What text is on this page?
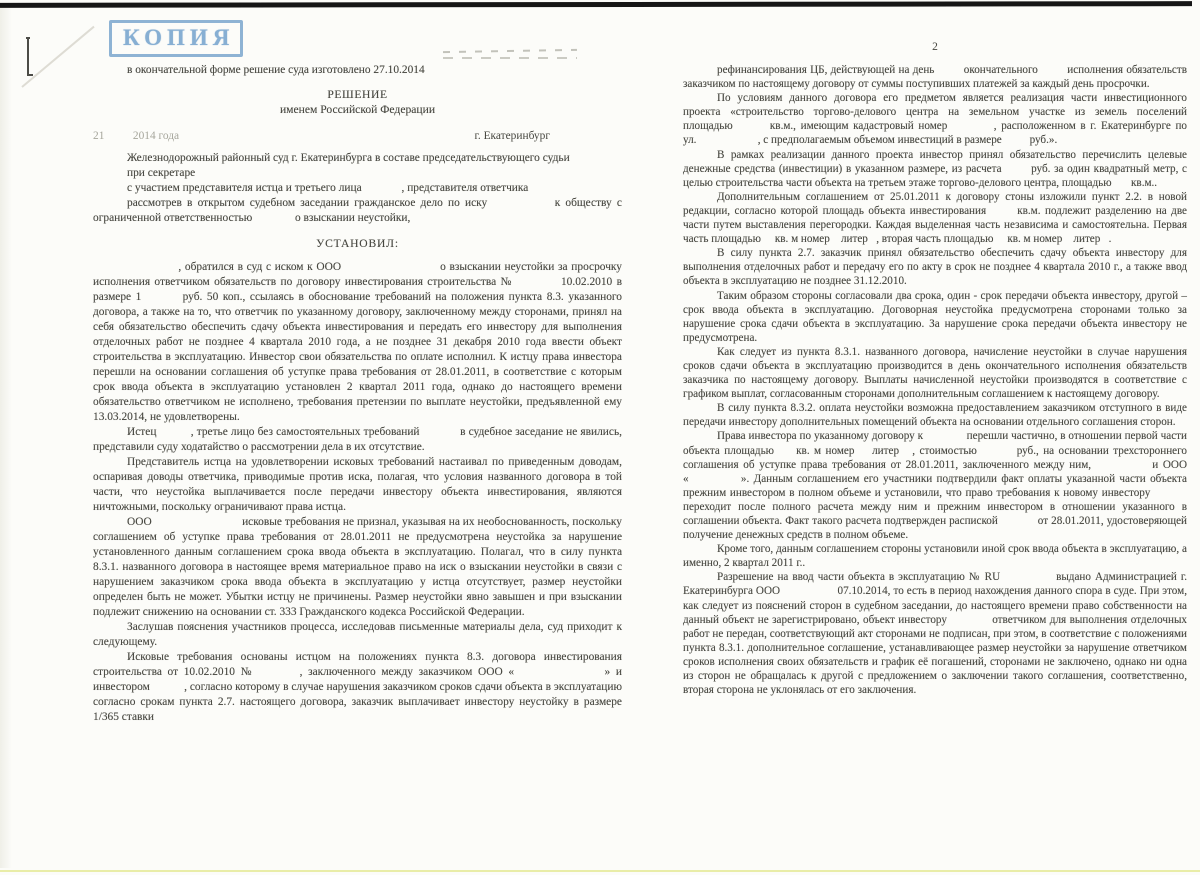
КОПИЯ

в окончательной форме решение суда изготовлено 27.10.2014

РЕШЕНИЕ
именем Российской Федерации
21          2014 года	г. Екатеринбург

Железнодорожный районный суд г. Екатеринбурга в составе председательствующего судьи

при секретаре

с участием представителя истца и третьего лица              , представителя ответчика

рассмотрев в открытом судебном заседании гражданское дело по иску             к обществу с ограниченной ответственностью               о взыскании неустойки,

УСТАНОВИЛ:

, обратился в суд с иском к ООО                           о взыскании неустойки за просрочку исполнения ответчиком обязательств по договору инвестирования строительства №           10.02.2010 в размере 1         руб. 50 коп., ссылаясь в обоснование требований на положения пункта 8.3. указанного договора, а также на то, что ответчик по указанному договору, заключенному между сторонами, принял на себя обязательство обеспечить сдачу объекта инвестирования и передать его инвестору для выполнения отделочных работ не позднее 4 квартала 2010 года, а не позднее 31 декабря 2010 года ввести объект строительства в эксплуатацию. Инвестор свои обязательства по оплате исполнил. К истцу права инвестора перешли на основании соглашения об уступке права требования от 28.01.2011, в соответствие с которым срок ввода объекта в эксплуатацию установлен 2 квартал 2011 года, однако до настоящего времени обязательство ответчиком не исполнено, требования претензии по выплате неустойки, предъявленной ему 13.03.2014, не удовлетворены.

Истец           , третье лицо без самостоятельных требований             в судебное заседание не явились, представили суду ходатайство о рассмотрении дела в их отсутствие.

Представитель истца на удовлетворении исковых требований настаивал по приведенным доводам, оспаривая доводы ответчика, приводимые против иска, полагая, что условия названного договора в той части, что неустойка выплачивается после передачи инвестору объекта инвестирования, являются ничтожными, поскольку ограничивают права истца.

ООО                               исковые требования не признал, указывая на их необоснованность, поскольку соглашением об уступке права требования от 28.01.2011 не предусмотрена неустойка за нарушение установленного данным соглашением срока ввода объекта в эксплуатацию. Полагал, что в силу пункта 8.3.1. названного договора в настоящее время материальное право на иск о взыскании неустойки в связи с нарушением заказчиком срока ввода объекта в эксплуатацию у истца отсутствует, размер неустойки определен быть не может. Убытки истцу не причинены. Размер неустойки явно завышен и при взыскании подлежит снижению на основании ст. 333 Гражданского кодекса Российской Федерации.

Заслушав пояснения участников процесса, исследовав письменные материалы дела, суд приходит к следующему.

Исковые требования основаны истцом на положениях пункта 8.3. договора инвестирования строительства от 10.02.2010 №        , заключенного между заказчиком ООО «                » и инвестором            , согласно которому в случае нарушения заказчиком сроков сдачи объекта в эксплуатацию согласно срокам пункта 2.7. настоящего договора, заказчик выплачивает инвестору неустойку в размере 1/365 ставки

2

рефинансирования ЦБ, действующей на день         окончательного         исполнения обязательств заказчиком по настоящему договору от суммы поступивших платежей за каждый день просрочки.

По условиям данного договора его предметом является реализация части инвестиционного проекта «строительство торгово-делового центра на земельном участке из земель поселений площадью        кв.м., имеющим кадастровый номер          , расположенном в г. Екатеринбурге по ул.                      , с предполагаемым объемом инвестиций в размере          руб.».

В рамках реализации данного проекта инвестор принял обязательство перечислить целевые денежные средства (инвестиции) в указанном размере, из расчета        руб. за один квадратный метр, с целью строительства части объекта на третьем этаже торгово-делового центра, площадью       кв.м..

Дополнительным соглашением от 25.01.2011 к договору стоны изложили пункт 2.2. в новой редакции, согласно которой площадь объекта инвестирования       кв.м. подлежит разделению на две части путем выставления перегородки. Каждая выделенная часть независима и самостоятельна. Первая часть площадью     кв. м номер    литер   , вторая часть площадью     кв. м номер    литер   .

В силу пункта 2.7. заказчик принял обязательство обеспечить сдачу объекта инвестору для выполнения отделочных работ и передачу его по акту в срок не позднее 4 квартала 2010 г., а также ввод объекта в эксплуатацию не позднее 31.12.2010.

Таким образом стороны согласовали два срока, один - срок передачи объекта инвестору, другой – срок ввода объекта в эксплуатацию. Договорная неустойка предусмотрена сторонами только за нарушение срока сдачи объекта в эксплуатацию. За нарушение срока передачи объекта инвестору не предусмотрена.

Как следует из пункта 8.3.1. названного договора, начисление неустойки в случае нарушения сроков сдачи объекта в эксплуатацию производится в день окончательного исполнения обязательств заказчика по настоящему договору. Выплаты начисленной неустойки производятся в соответствие с графиком выплат, согласованным сторонами дополнительным соглашением к настоящему договору.

В силу пункта 8.3.2. оплата неустойки возможна предоставлением заказчиком отступного в виде передачи инвестору дополнительных помещений объекта на основании отдельного соглашения сторон.

Права инвестора по указанному договору к               перешли частично, в отношении первой части объекта площадью     кв. м номер    литер   , стоимостью         руб., на основании трехстороннего соглашения об уступке права требования от 28.01.2011, заключенного между ним,             и ООО «            ». Данным соглашением его участники подтвердили факт оплаты указанной части объекта прежним инвестором в полном объеме и установили, что право требования к новому инвестору           переходит после полного расчета между ним и прежним инвестором в отношении указанного в соглашении объекта. Факт такого расчета подтвержден распиской             от 28.01.2011, удостоверяющей получение денежных средств в полном объеме.

Кроме того, данным соглашением стороны установили иной срок ввода объекта в эксплуатацию, а именно, 2 квартал 2011 г..

Разрешение на ввод части объекта в эксплуатацию № RU              выдано Администрацией г. Екатеринбурга ООО                   07.10.2014, то есть в период нахождения данного спора в суде. При этом, как следует из пояснений сторон в судебном заседании, до настоящего времени право собственности на данный объект не зарегистрировано, объект инвестору             ответчиком для выполнения отделочных работ не передан, соответствующий акт сторонами не подписан, при этом, в соответствие с положениями пункта 8.3.1. дополнительное соглашение, устанавливающее размер неустойки за нарушение ответчиком сроков исполнения своих обязательств и график её погашений, сторонами не заключено, однако ни одна из сторон не обращалась к другой с предложением о заключении такого соглашения, соответственно, вторая сторона не уклонялась от его заключения.
